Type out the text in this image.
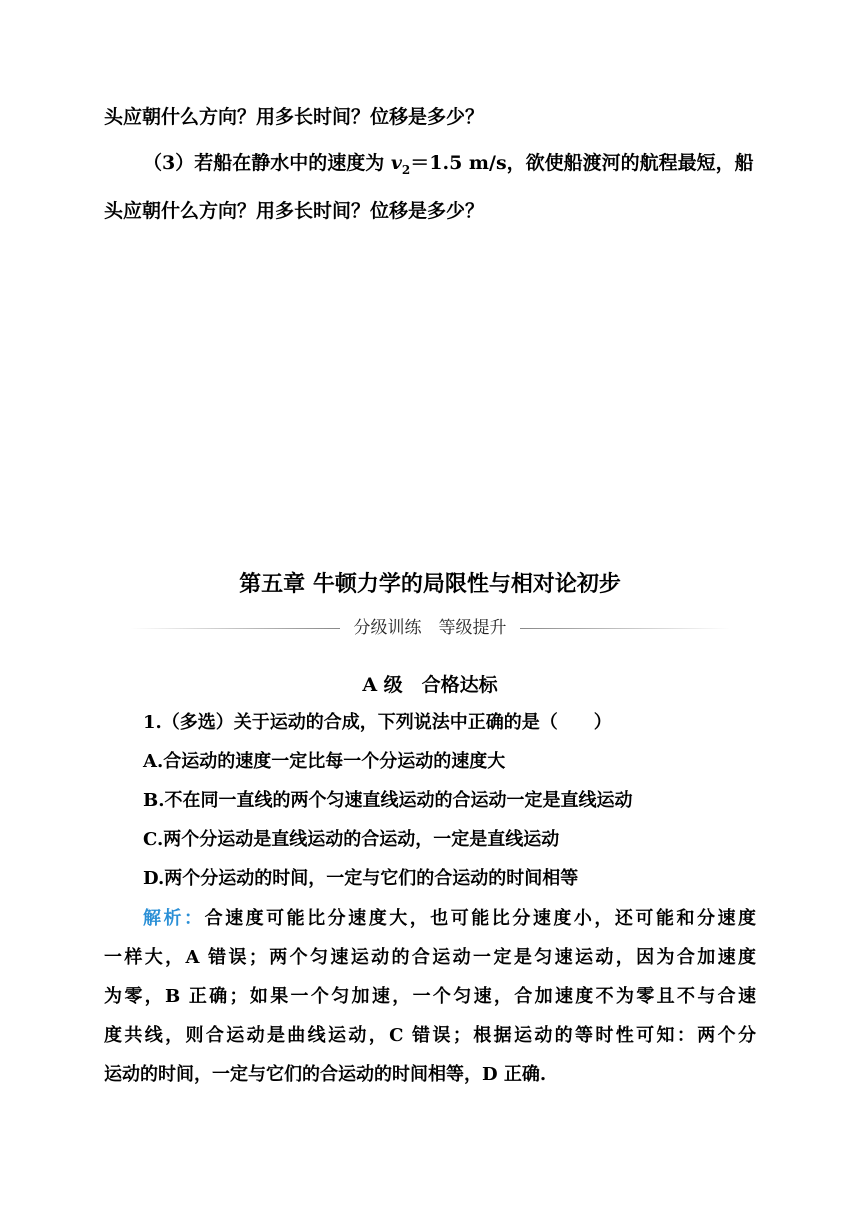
头应朝什么方向？用多长时间？位移是多少？
（3）若船在静水中的速度为 $v_2=1.5$ m/s，欲使船渡河的航程最短，船
头应朝什么方向？用多长时间？位移是多少？
第五章 牛顿力学的局限性与相对论初步
分级训练　等级提升
A 级　合格达标
1.（多选）关于运动的合成，下列说法中正确的是（　　）
A.合运动的速度一定比每一个分运动的速度大
B.不在同一直线的两个匀速直线运动的合运动一定是直线运动
C.两个分运动是直线运动的合运动，一定是直线运动
D.两个分运动的时间，一定与它们的合运动的时间相等
解析：合速度可能比分速度大，也可能比分速度小，还可能和分速度
一样大，A 错误；两个匀速运动的合运动一定是匀速运动，因为合加速度
为零，B 正确；如果一个匀加速，一个匀速，合加速度不为零且不与合速
度共线，则合运动是曲线运动，C 错误；根据运动的等时性可知：两个分
运动的时间，一定与它们的合运动的时间相等，D 正确.
